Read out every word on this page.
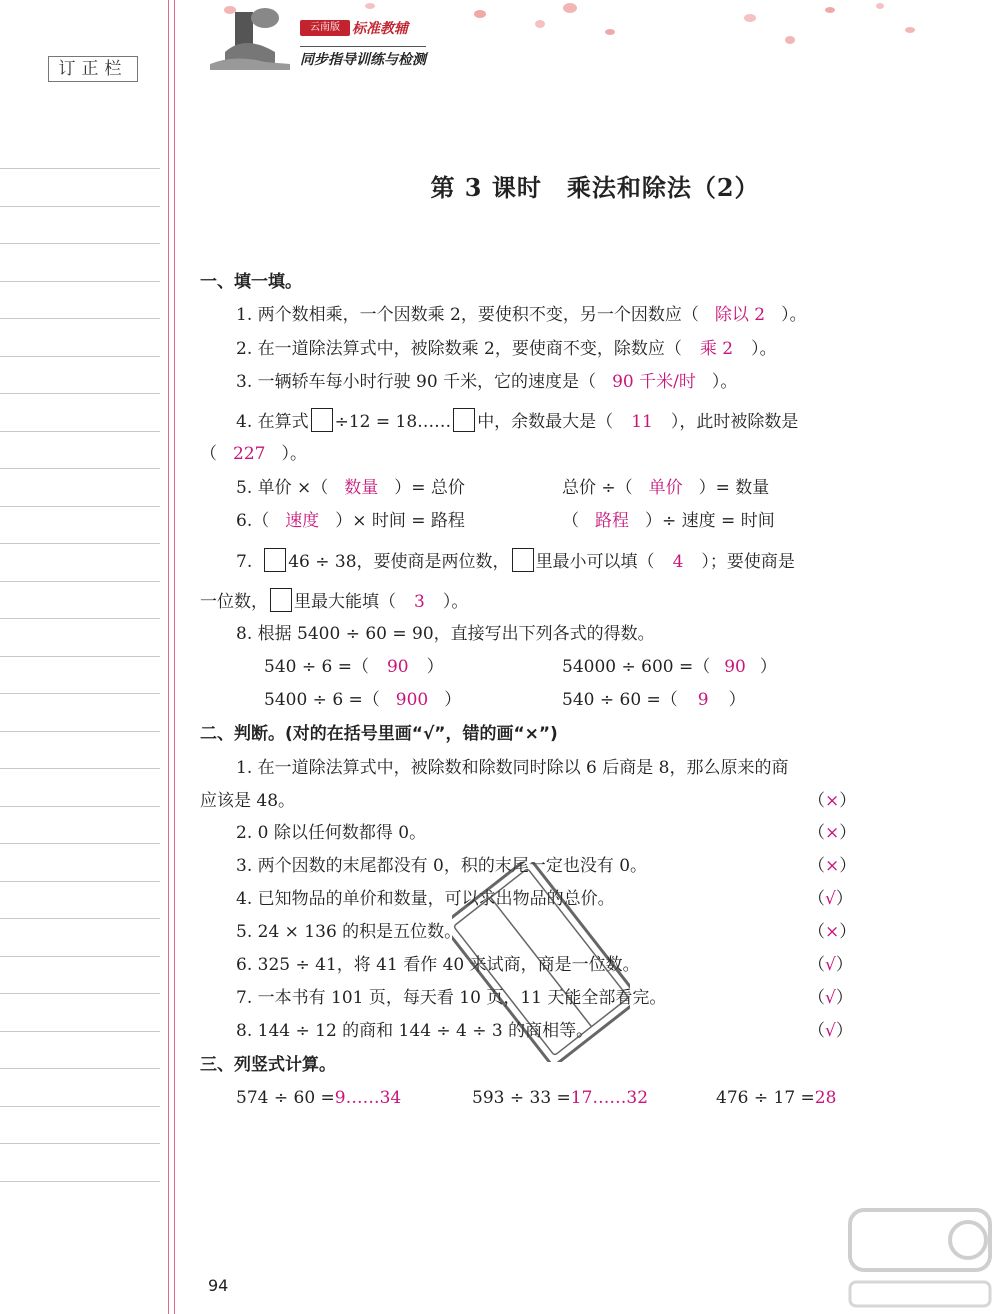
订正栏
云南版 标准教辅
同步指导训练与检测
第 3 课时　乘法和除法（2）
一、填一填。
1. 两个数相乘，一个因数乘 2，要使积不变，另一个因数应（ 除以 2 ）。
2. 在一道除法算式中，被除数乘 2，要使商不变，除数应（ 乘 2 ）。
3. 一辆轿车每小时行驶 90 千米，它的速度是（ 90 千米/时 ）。
4. 在算式 ÷12 = 18…… 中，余数最大是（ 11 ），此时被除数是
（ 227 ）。
5. 单价 ×（ 数量 ）= 总价	总价 ÷（ 单价 ）= 数量
6.（ 速度 ）× 时间 = 路程	（ 路程 ）÷ 速度 = 时间
7. 46 ÷ 38，要使商是两位数， 里最小可以填（ 4 ）；要使商是
一位数， 里最大能填（ 3 ）。
8. 根据 5400 ÷ 60 = 90，直接写出下列各式的得数。
540 ÷ 6 =（ 90 ）	54000 ÷ 600 =（ 90 ）
5400 ÷ 6 =（ 900 ）	540 ÷ 60 =（ 9 ）
二、判断。(对的在括号里画“√”，错的画“×”)
1. 在一道除法算式中，被除数和除数同时除以 6 后商是 8，那么原来的商
应该是 48。	（×）
2. 0 除以任何数都得 0。	（×）
3. 两个因数的末尾都没有 0，积的末尾一定也没有 0。	（×）
4. 已知物品的单价和数量，可以求出物品的总价。	（√）
5. 24 × 136 的积是五位数。	（×）
6. 325 ÷ 41，将 41 看作 40 来试商，商是一位数。	（√）
7. 一本书有 101 页，每天看 10 页，11 天能全部看完。	（√）
8. 144 ÷ 12 的商和 144 ÷ 4 ÷ 3 的商相等。	（√）
三、列竖式计算。
574 ÷ 60 =9……34	593 ÷ 33 =17……32	476 ÷ 17 =28
94
